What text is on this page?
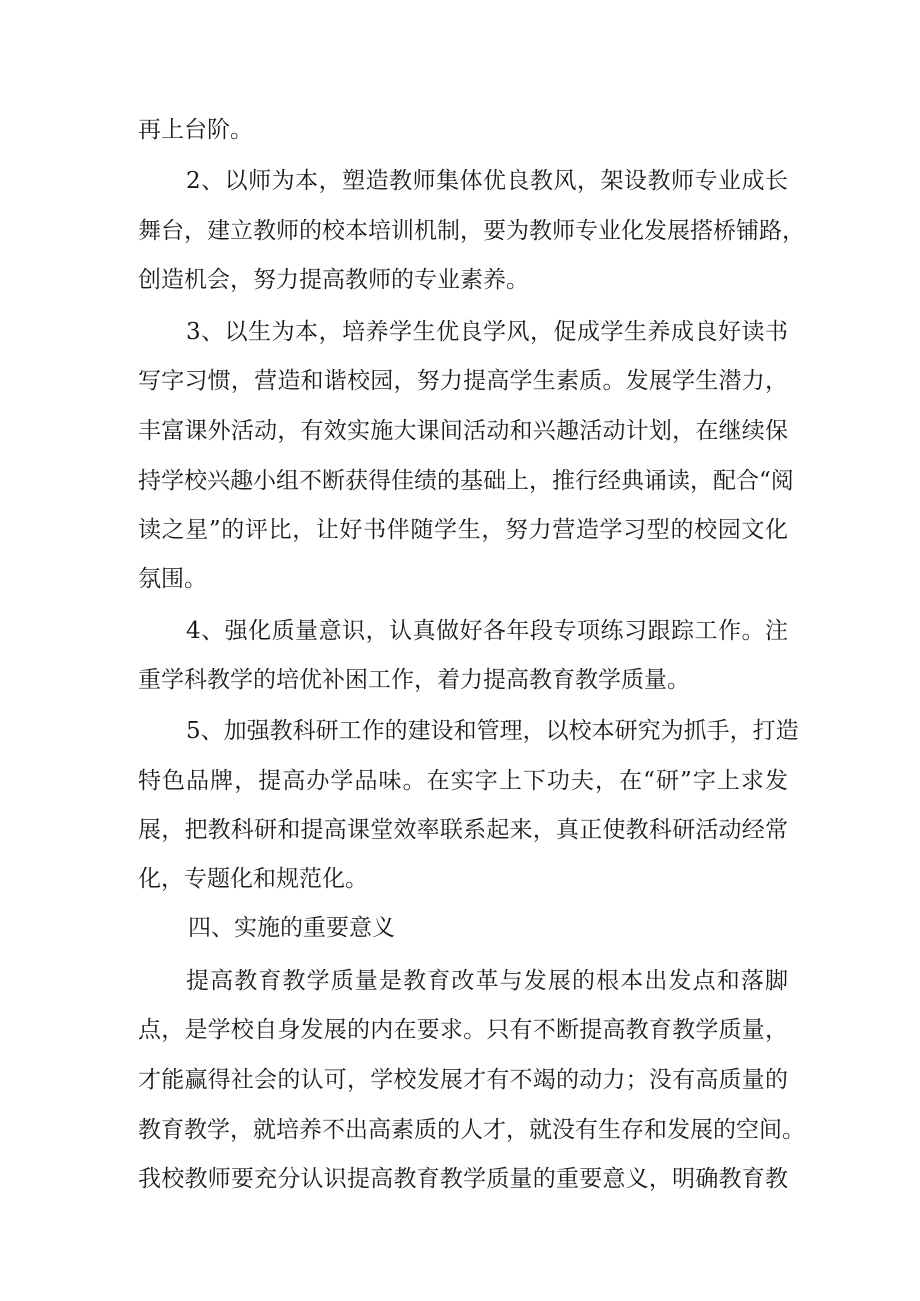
再上台阶。
2、以师为本，塑造教师集体优良教风，架设教师专业成长
舞台，建立教师的校本培训机制，要为教师专业化发展搭桥铺路，
创造机会，努力提高教师的专业素养。
3、以生为本，培养学生优良学风，促成学生养成良好读书
写字习惯，营造和谐校园，努力提高学生素质。发展学生潜力，
丰富课外活动，有效实施大课间活动和兴趣活动计划，在继续保
持学校兴趣小组不断获得佳绩的基础上，推行经典诵读，配合“阅
读之星”的评比，让好书伴随学生，努力营造学习型的校园文化
氛围。
4、强化质量意识，认真做好各年段专项练习跟踪工作。注
重学科教学的培优补困工作，着力提高教育教学质量。
5、加强教科研工作的建设和管理，以校本研究为抓手，打造
特色品牌，提高办学品味。在实字上下功夫，在“研”字上求发
展，把教科研和提高课堂效率联系起来，真正使教科研活动经常
化，专题化和规范化。
四、实施的重要意义
提高教育教学质量是教育改革与发展的根本出发点和落脚
点，是学校自身发展的内在要求。只有不断提高教育教学质量，
才能赢得社会的认可，学校发展才有不竭的动力；没有高质量的
教育教学，就培养不出高素质的人才，就没有生存和发展的空间。
我校教师要充分认识提高教育教学质量的重要意义，明确教育教
